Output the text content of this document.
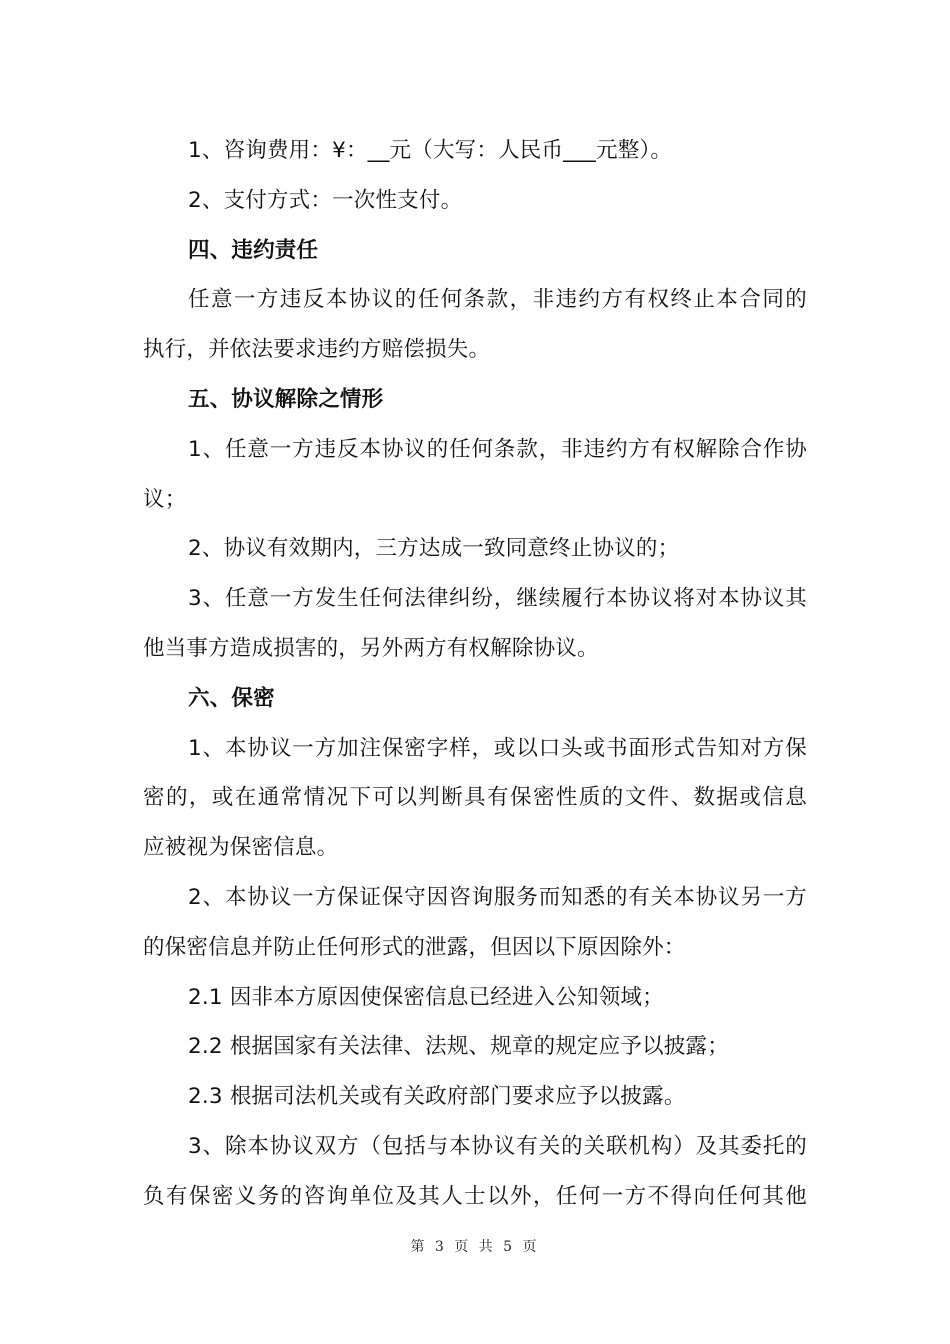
1、咨询费用：¥：__元（大写：人民币___元整）。
2、支付方式：一次性支付。
四、违约责任
任意一方违反本协议的任何条款，非违约方有权终止本合同的
执行，并依法要求违约方赔偿损失。
五、协议解除之情形
1、任意一方违反本协议的任何条款，非违约方有权解除合作协
议；
2、协议有效期内，三方达成一致同意终止协议的；
3、任意一方发生任何法律纠纷，继续履行本协议将对本协议其
他当事方造成损害的，另外两方有权解除协议。
六、保密
1、本协议一方加注保密字样，或以口头或书面形式告知对方保
密的，或在通常情况下可以判断具有保密性质的文件、数据或信息
应被视为保密信息。
2、本协议一方保证保守因咨询服务而知悉的有关本协议另一方
的保密信息并防止任何形式的泄露，但因以下原因除外：
2.1 因非本方原因使保密信息已经进入公知领域；
2.2 根据国家有关法律、法规、规章的规定应予以披露；
2.3 根据司法机关或有关政府部门要求应予以披露。
3、除本协议双方（包括与本协议有关的关联机构）及其委托的
负有保密义务的咨询单位及其人士以外，任何一方不得向任何其他
第 3 页 共 5 页
